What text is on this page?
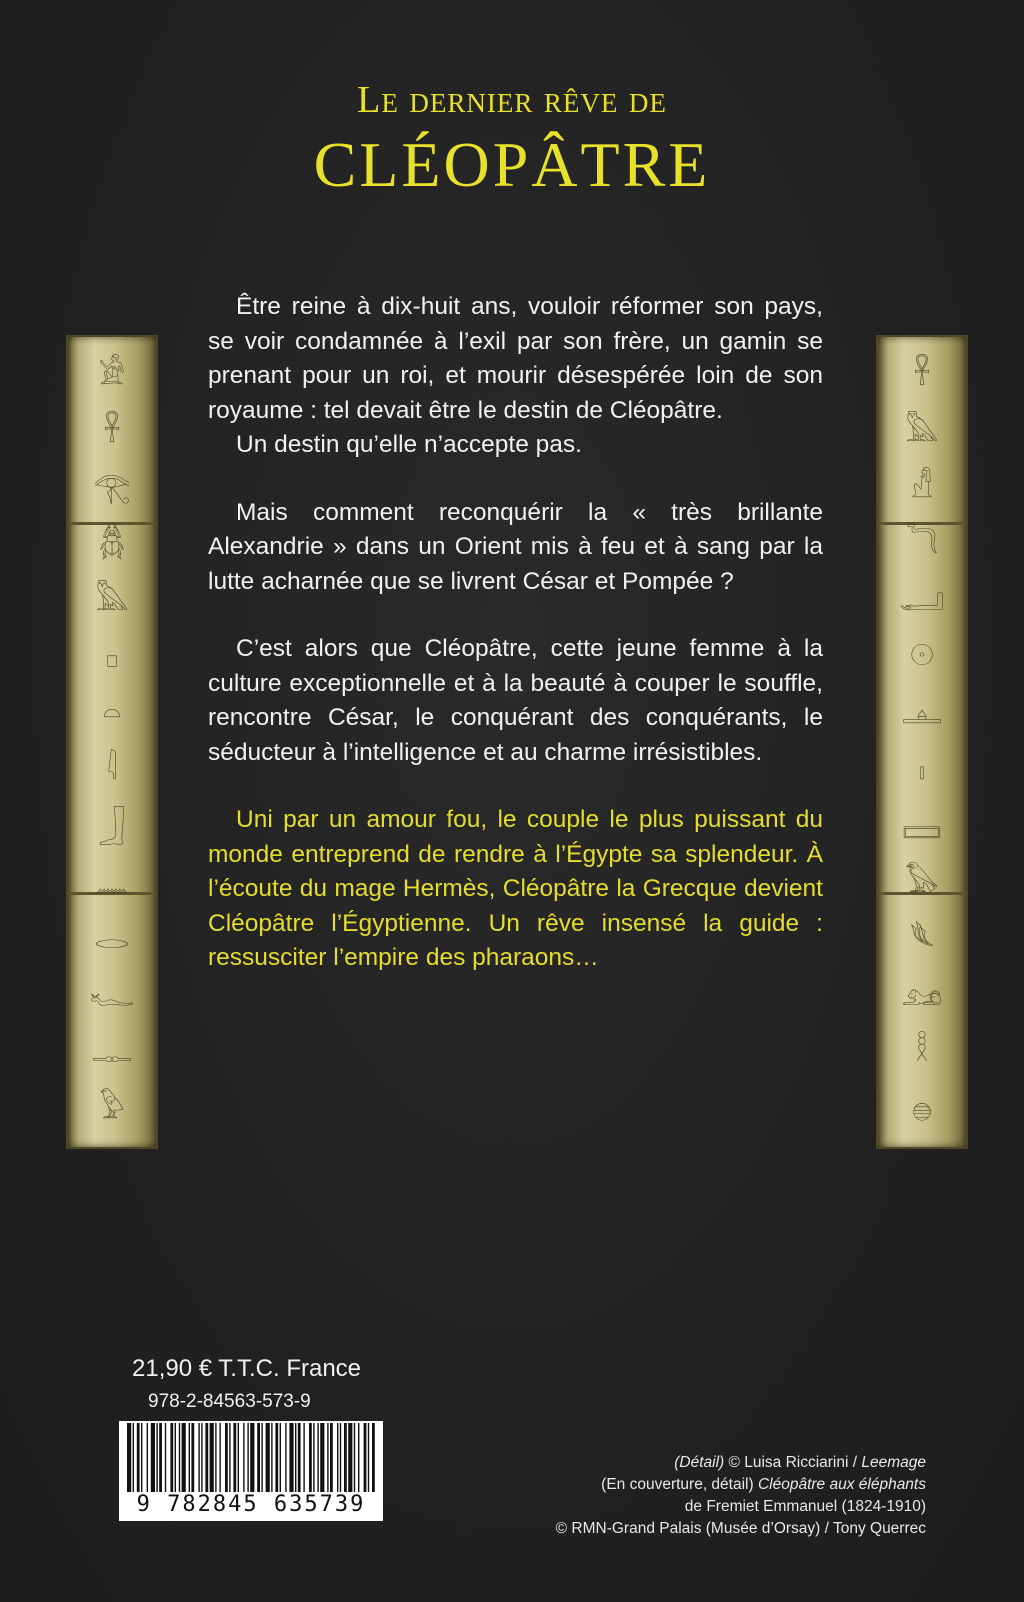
Le dernier rêve de
CLÉOPÂTRE
𓀀
𓋹
𓂀
𓆣
𓅓
𓊪
𓏏
𓇋
𓃀
𓈖
𓂋
𓆑
𓊃
𓅱
𓋹
𓅓
𓀭
𓆓
𓂝
𓇳
𓊵
𓏤
𓈙
𓅃
𓆰
𓃭
𓎛
𓐍

Être reine à dix-huit ans, vouloir réformer son pays, se voir condamnée à l’exil par son frère, un gamin se prenant pour un roi, et mourir désespérée loin de son royaume : tel devait être le destin de Cléopâtre.

Un destin qu’elle n’accepte pas.

Mais comment reconquérir la « très brillante Alexandrie » dans un Orient mis à feu et à sang par la lutte acharnée que se livrent César et Pompée ?

C’est alors que Cléopâtre, cette jeune femme à la culture exceptionnelle et à la beauté à couper le souffle, rencontre César, le conquérant des conquérants, le séducteur à l’intelligence et au charme irrésistibles.

Uni par un amour fou, le couple le plus puissant du monde entreprend de rendre à l’Égypte sa splendeur. À l’écoute du mage Hermès, Cléopâtre la Grecque devient Cléopâtre l’Égyptienne. Un rêve insensé la guide : ressusciter l’empire des pharaons…

21,90 € T.T.C. France
978-2-84563-573-9
9 782845 635739
(Détail) © Luisa Ricciarini / Leemage
(En couverture, détail) Cléopâtre aux éléphants
de Fremiet Emmanuel (1824-1910)
© RMN-Grand Palais (Musée d’Orsay) / Tony Querrec
